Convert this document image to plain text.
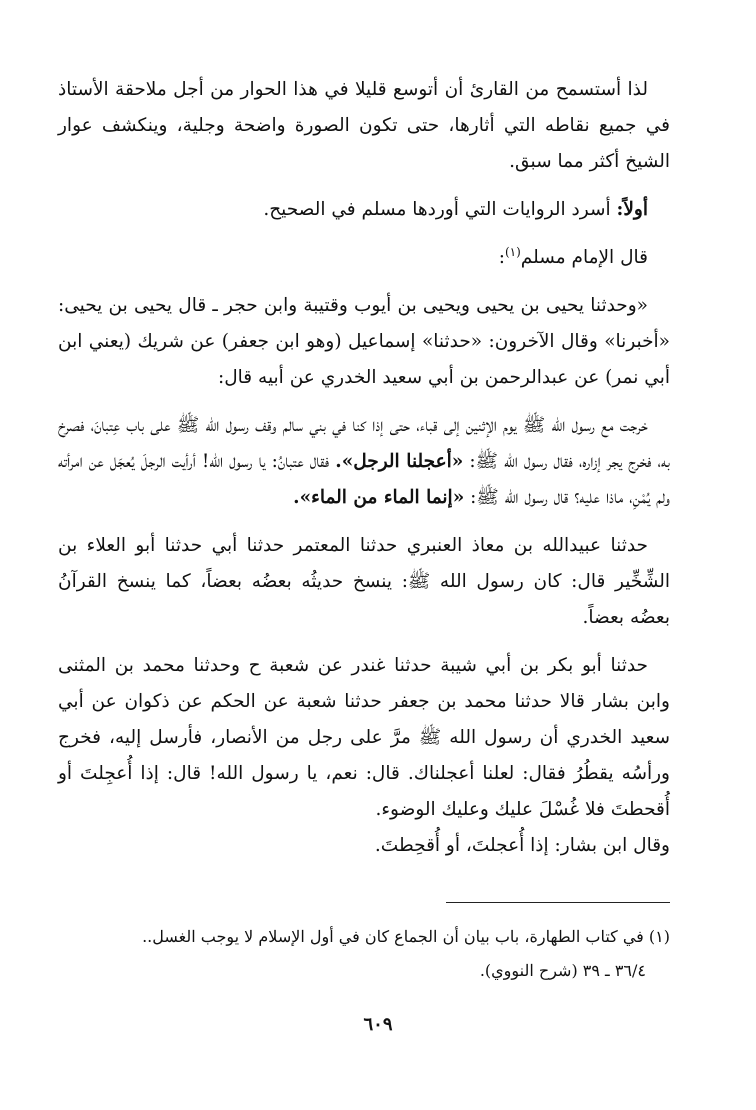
لذا أستسمح من القارئ أن أتوسع قليلا في هذا الحوار من أجل ملاحقة الأستاذ في جميع نقاطه التي أثارها، حتى تكون الصورة واضحة وجلية، وينكشف عوار الشيخ أكثر مما سبق.

أولاً: أسرد الروايات التي أوردها مسلم في الصحيح.

قال الإمام مسلم$^{(١)}$:

«وحدثنا يحيى بن يحيى ويحيى بن أيوب وقتيبة وابن حجر ـ قال يحيى بن يحيى: «أخبرنا» وقال الآخرون: «حدثنا» إسماعيل (وهو ابن جعفر) عن شريك (يعني ابن أبي نمر) عن عبدالرحمن بن أبي سعيد الخدري عن أبيه قال:

خرجت مع رسول الله ﷺ يوم الإثنين إلى قباء، حتى إذا كنا في بني سالم وقف رسول الله ﷺ على باب عِتبانَ، فصرخ به، فخرج يجر إزاره، فقال رسول الله ﷺ: «أعجلنا الرجل». فقال عتبانُ: يا رسول الله! أرأيت الرجلَ يُعجَل عن امرأته ولم يُمْنِ، ماذا عليه؟ قال رسول الله ﷺ: «إنما الماء من الماء».

حدثنا عبيدالله بن معاذ العنبري حدثنا المعتمر حدثنا أبي حدثنا أبو العلاء بن الشِّخِّير قال: كان رسول الله ﷺ: ينسخ حديثُه بعضُه بعضاً، كما ينسخ القرآنُ بعضُه بعضاً.

حدثنا أبو بكر بن أبي شيبة حدثنا غندر عن شعبة ح وحدثنا محمد بن المثنى وابن بشار قالا حدثنا محمد بن جعفر حدثنا شعبة عن الحكم عن ذكوان عن أبي سعيد الخدري أن رسول الله ﷺ مرَّ على رجل من الأنصار، فأرسل إليه، فخرج ورأسُه يقطُرُ فقال: لعلنا أعجلناك. قال: نعم، يا رسول الله! قال: إذا أُعجِلتَ أو أُقحطتَ فلا غُسْلَ عليك وعليك الوضوء.
وقال ابن بشار: إذا أُعجلتَ، أو أُقحِطتَ.

(١) في كتاب الطهارة، باب بيان أن الجماع كان في أول الإسلام لا يوجب الغسل..

٣٦/٤ ـ ٣٩ (شرح النووي).

٦٠٩
